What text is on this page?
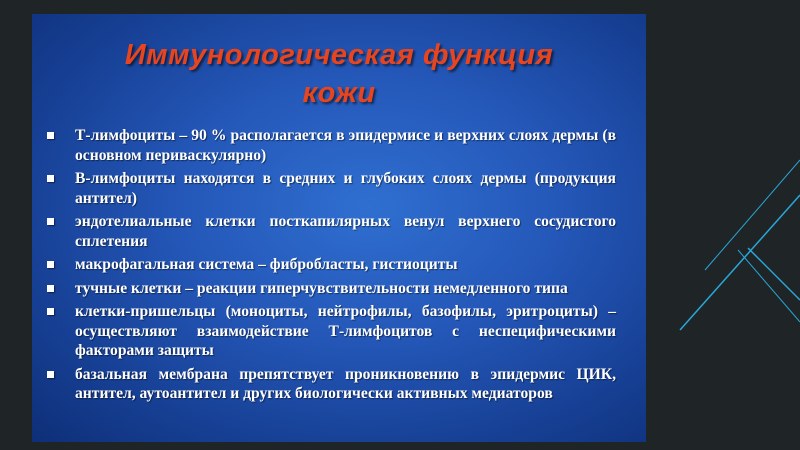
Иммунологическая функция
кожи
Т-лимфоциты – 90 % располагается в эпидермисе и верхних слоях дермы (в основном периваскулярно)
В-лимфоциты находятся в средних и глубоких слоях дермы (продукция антител)
эндотелиальные клетки посткапилярных венул верхнего сосудистого сплетения
макрофагальная система – фибробласты, гистиоциты
тучные клетки – реакции гиперчувствительности немедленного типа
клетки-пришельцы (моноциты, нейтрофилы, базофилы, эритроциты) – осуществляют взаимодействие Т-лимфоцитов с неспецифическими факторами защиты
базальная мембрана препятствует проникновению в эпидермис ЦИК, антител, аутоантител и других биологически активных медиаторов
